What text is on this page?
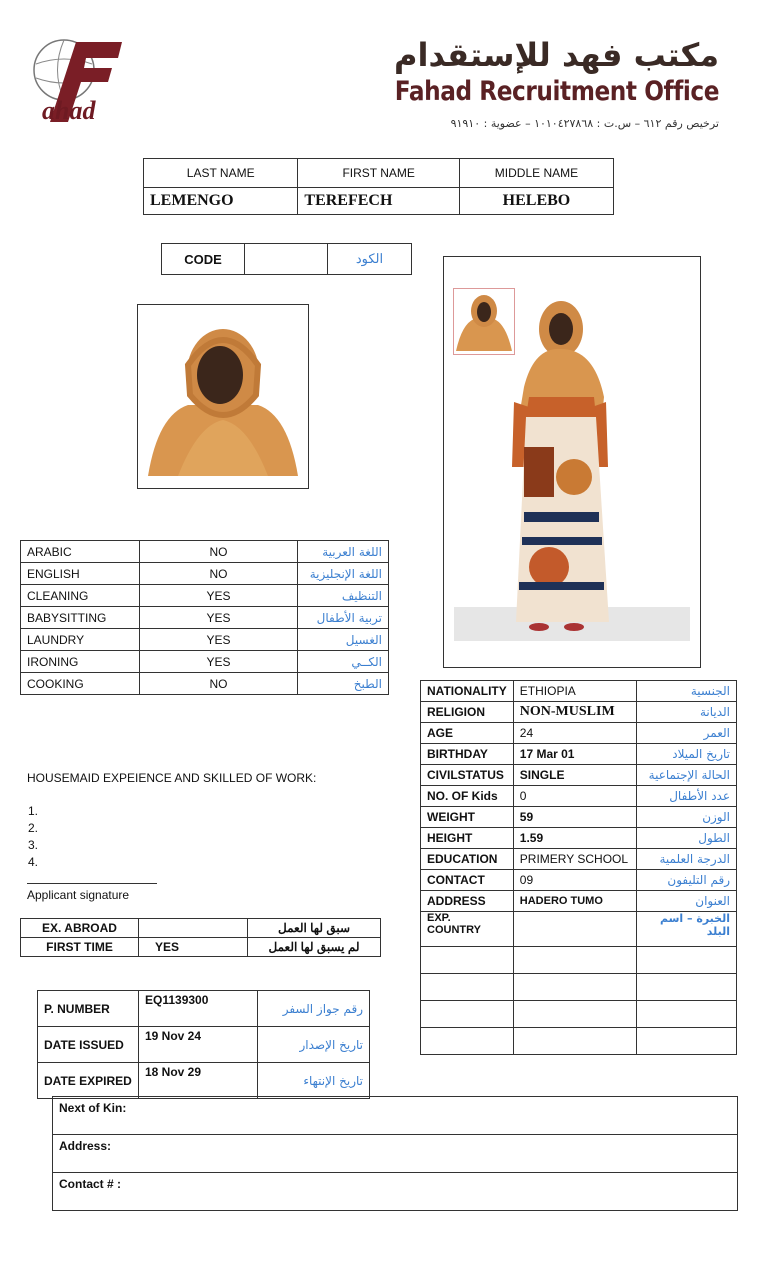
ahad
مكتب فهد للإستقدام
Fahad Recruitment Office
ترخيص رقم ٦١٢ – س.ت : ١٠١٠٤٢٧٨٦٨ – عضوية : ٩١٩١٠
LAST NAME	FIRST NAME	MIDDLE NAME
LEMENGO	TEREFECH	HELEBO
CODE		الكود
ARABIC	NO	اللغة العربية
ENGLISH	NO	اللغة الإنجليزية
CLEANING	YES	التنظيف
BABYSITTING	YES	تربية الأطفال
LAUNDRY	YES	الغسيل
IRONING	YES	الكــي
COOKING	NO	الطبخ
HOUSEMAID EXPEIENCE AND SKILLED OF WORK:
1.
2.
3.
4.
Applicant signature
EX. ABROAD		سبق لها العمل
FIRST TIME	YES	لم يسبق لها العمل
P. NUMBER	EQ1139300	رقم جواز السفر
DATE ISSUED	19 Nov 24	تاريخ الإصدار
DATE EXPIRED	18 Nov 29	تاريخ الإنتهاء
Next of Kin:
Address:
Contact # :
NATIONALITY	ETHIOPIA	الجنسية
RELIGION	NON-MUSLIM	الديانة
AGE	24	العمر
BIRTHDAY	17 Mar 01	تاريخ الميلاد
CIVILSTATUS	SINGLE	الحالة الإجتماعية
NO. OF Kids	0	عدد الأطفال
WEIGHT	59	الوزن
HEIGHT	1.59	الطول
EDUCATION	PRIMERY SCHOOL	الدرجة العلمية
CONTACT	09	رقم التليفون
ADDRESS	HADERO TUMO	العنوان
EXP. COUNTRY		الخبرة – اسم البلد
